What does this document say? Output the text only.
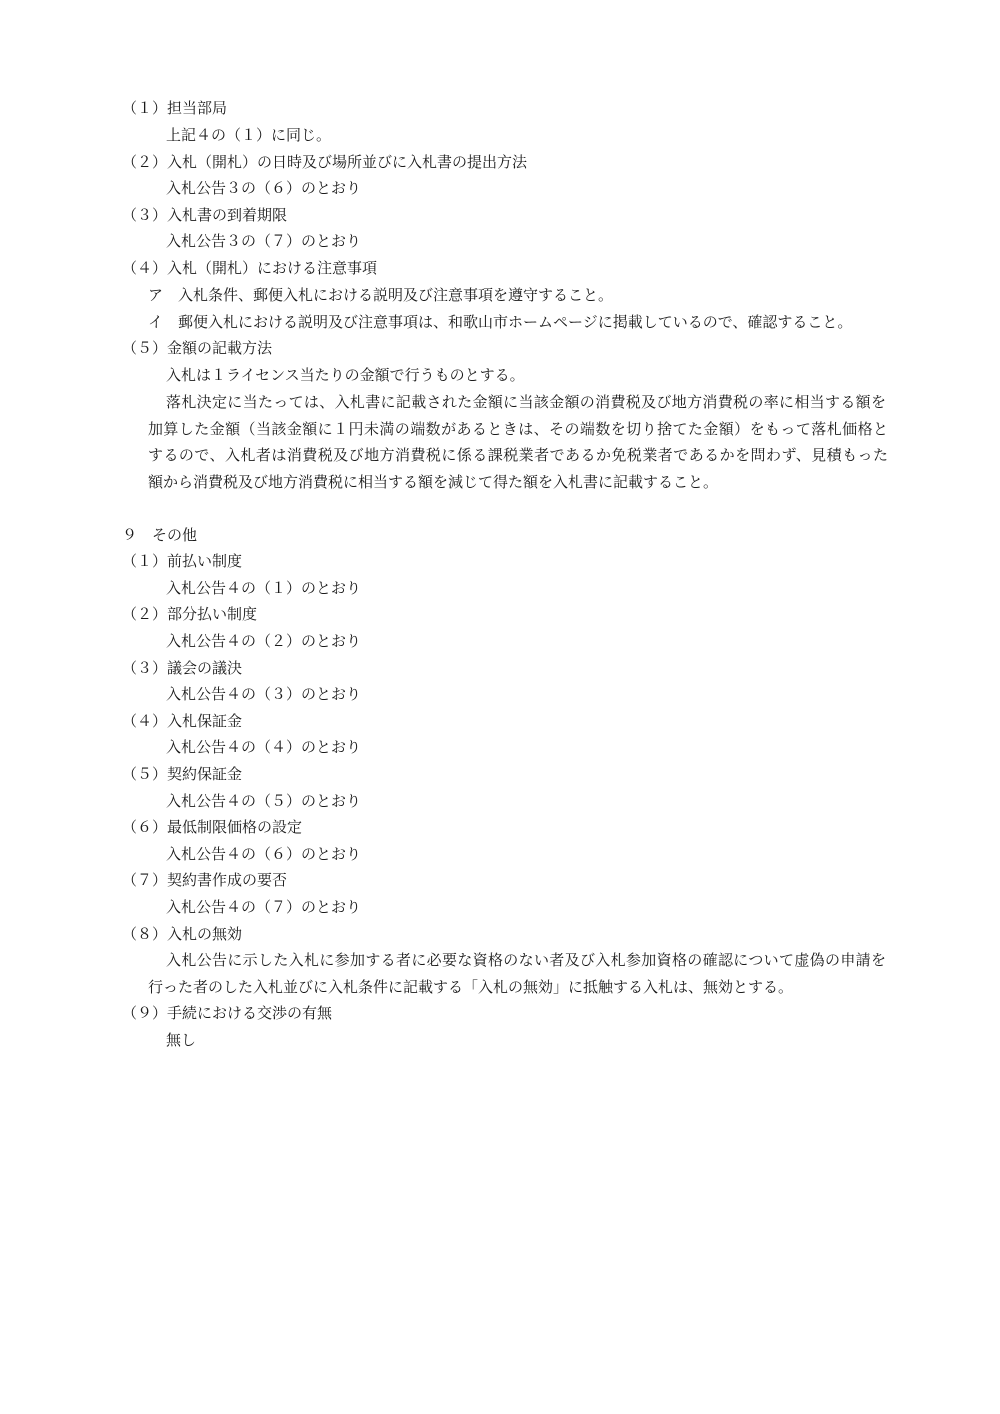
（１）担当部局
上記４の（１）に同じ。
（２）入札（開札）の日時及び場所並びに入札書の提出方法
入札公告３の（６）のとおり
（３）入札書の到着期限
入札公告３の（７）のとおり
（４）入札（開札）における注意事項
ア　入札条件、郵便入札における説明及び注意事項を遵守すること。
イ　郵便入札における説明及び注意事項は、和歌山市ホームページに掲載しているので、確認すること。
（５）金額の記載方法
入札は１ライセンス当たりの金額で行うものとする。
落札決定に当たっては、入札書に記載された金額に当該金額の消費税及び地方消費税の率に相当する額を
加算した金額（当該金額に１円未満の端数があるときは、その端数を切り捨てた金額）をもって落札価格と
するので、入札者は消費税及び地方消費税に係る課税業者であるか免税業者であるかを問わず、見積もった
額から消費税及び地方消費税に相当する額を減じて得た額を入札書に記載すること。
９　その他
（１）前払い制度
入札公告４の（１）のとおり
（２）部分払い制度
入札公告４の（２）のとおり
（３）議会の議決
入札公告４の（３）のとおり
（４）入札保証金
入札公告４の（４）のとおり
（５）契約保証金
入札公告４の（５）のとおり
（６）最低制限価格の設定
入札公告４の（６）のとおり
（７）契約書作成の要否
入札公告４の（７）のとおり
（８）入札の無効
入札公告に示した入札に参加する者に必要な資格のない者及び入札参加資格の確認について虚偽の申請を
行った者のした入札並びに入札条件に記載する「入札の無効」に抵触する入札は、無効とする。
（９）手続における交渉の有無
無し
